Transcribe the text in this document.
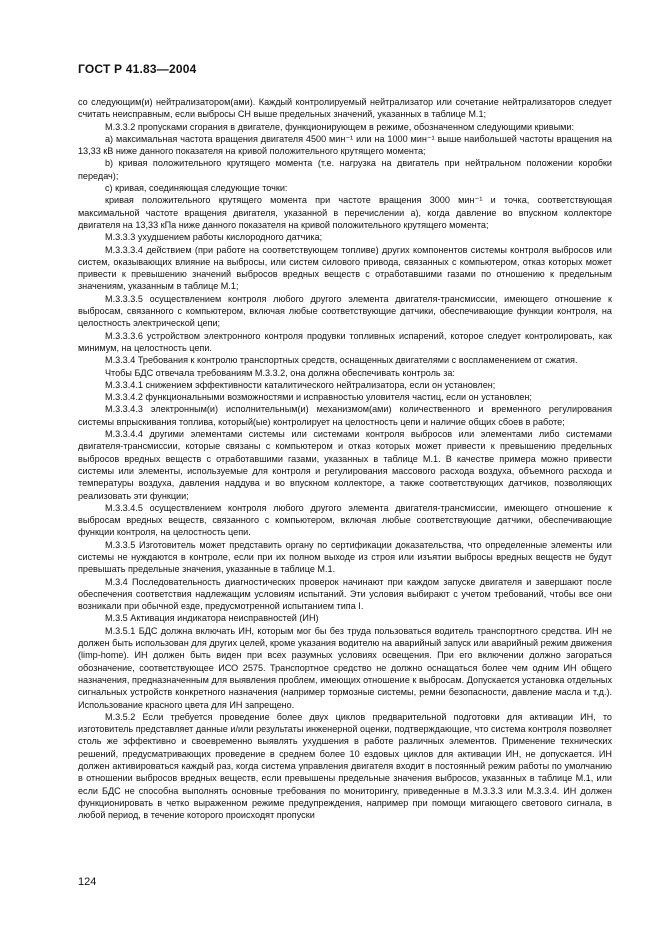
ГОСТ Р 41.83—2004

со следующим(и) нейтрализатором(ами). Каждый контролируемый нейтрализатор или сочетание нейтрализаторов следует считать неисправным, если выбросы СН выше предельных значений, указанных в таблице М.1;

М.3.3.2 пропусками сгорания в двигателе, функционирующем в режиме, обозначенном следующими кривыми:

a) максимальная частота вращения двигателя 4500 мин⁻¹ или на 1000 мин⁻¹ выше наибольшей частоты вращения на 13,33 кВ ниже данного показателя на кривой положительного крутящего момента;

b) кривая положительного крутящего момента (т.е. нагрузка на двигатель при нейтральном положении коробки передач);

c) кривая, соединяющая следующие точки:

кривая положительного крутящего момента при частоте вращения 3000 мин⁻¹ и точка, соответствующая максимальной частоте вращения двигателя, указанной в перечислении а), когда давление во впускном коллекторе двигателя на 13,33 кПа ниже данного показателя на кривой положительного крутящего момента;

М.3.3.3 ухудшением работы кислородного датчика;

М.3.3.3.4 действием (при работе на соответствующем топливе) других компонентов системы контроля выбросов или систем, оказывающих влияние на выбросы, или систем силового привода, связанных с компьютером, отказ которых может привести к превышению значений выбросов вредных веществ с отработавшими газами по отношению к предельным значениям, указанным в таблице М.1;

М.3.3.3.5 осуществлением контроля любого другого элемента двигателя-трансмиссии, имеющего отношение к выбросам, связанного с компьютером, включая любые соответствующие датчики, обеспечивающие функции контроля, на целостность электрической цепи;

М.3.3.3.6 устройством электронного контроля продувки топливных испарений, которое следует контролировать, как минимум, на целостность цепи.

М.3.3.4 Требования к контролю транспортных средств, оснащенных двигателями с воспламенением от сжатия.

Чтобы БДС отвечала требованиям М.3.3.2, она должна обеспечивать контроль за:

М.3.3.4.1 снижением эффективности каталитического нейтрализатора, если он установлен;

М.3.3.4.2 функциональными возможностями и исправностью уловителя частиц, если он установлен;

М.3.3.4.3 электронным(и) исполнительным(и) механизмом(ами) количественного и временного регулирования системы впрыскивания топлива, который(ые) контролирует на целостность цепи и наличие общих сбоев в работе;

М.3.3.4.4 другими элементами системы или системами контроля выбросов или элементами либо системами двигателя-трансмиссии, которые связаны с компьютером и отказ которых может привести к превышению предельных выбросов вредных веществ с отработавшими газами, указанных в таблице М.1. В качестве примера можно привести системы или элементы, используемые для контроля и регулирования массового расхода воздуха, объемного расхода и температуры воздуха, давления наддува и во впускном коллекторе, а также соответствующих датчиков, позволяющих реализовать эти функции;

М.3.3.4.5 осуществлением контроля любого другого элемента двигателя-трансмиссии, имеющего отношение к выбросам вредных веществ, связанного с компьютером, включая любые соответствующие датчики, обеспечивающие функции контроля, на целостность цепи.

М.3.3.5 Изготовитель может представить органу по сертификации доказательства, что определенные элементы или системы не нуждаются в контроле, если при их полном выходе из строя или изъятии выбросы вредных веществ не будут превышать предельные значения, указанные в таблице М.1.

М.3.4 Последовательность диагностических проверок начинают при каждом запуске двигателя и завершают после обеспечения соответствия надлежащим условиям испытаний. Эти условия выбирают с учетом требований, чтобы все они возникали при обычной езде, предусмотренной испытанием типа I.

М.3.5 Активация индикатора неисправностей (ИН)

М.3.5.1 БДС должна включать ИН, которым мог бы без труда пользоваться водитель транспортного средства. ИН не должен быть использован для других целей, кроме указания водителю на аварийный запуск или аварийный режим движения (limp-home). ИН должен быть виден при всех разумных условиях освещения. При его включении должно загораться обозначение, соответствующее ИСО 2575. Транспортное средство не должно оснащаться более чем одним ИН общего назначения, предназначенным для выявления проблем, имеющих отношение к выбросам. Допускается установка отдельных сигнальных устройств конкретного назначения (например тормозные системы, ремни безопасности, давление масла и т.д.). Использование красного цвета для ИН запрещено.

М.3.5.2 Если требуется проведение более двух циклов предварительной подготовки для активации ИН, то изготовитель представляет данные и/или результаты инженерной оценки, подтверждающие, что система контроля позволяет столь же эффективно и своевременно выявлять ухудшения в работе различных элементов. Применение технических решений, предусматривающих проведение в среднем более 10 ездовых циклов для активации ИН, не допускается. ИН должен активироваться каждый раз, когда система управления двигателя входит в постоянный режим работы по умолчанию в отношении выбросов вредных веществ, если превышены предельные значения выбросов, указанных в таблице М.1, или если БДС не способна выполнять основные требования по мониторингу, приведенные в М.3.3.3 или М.3.3.4. ИН должен функционировать в четко выраженном режиме предупреждения, например при помощи мигающего светового сигнала, в любой период, в течение которого происходят пропуски

124
